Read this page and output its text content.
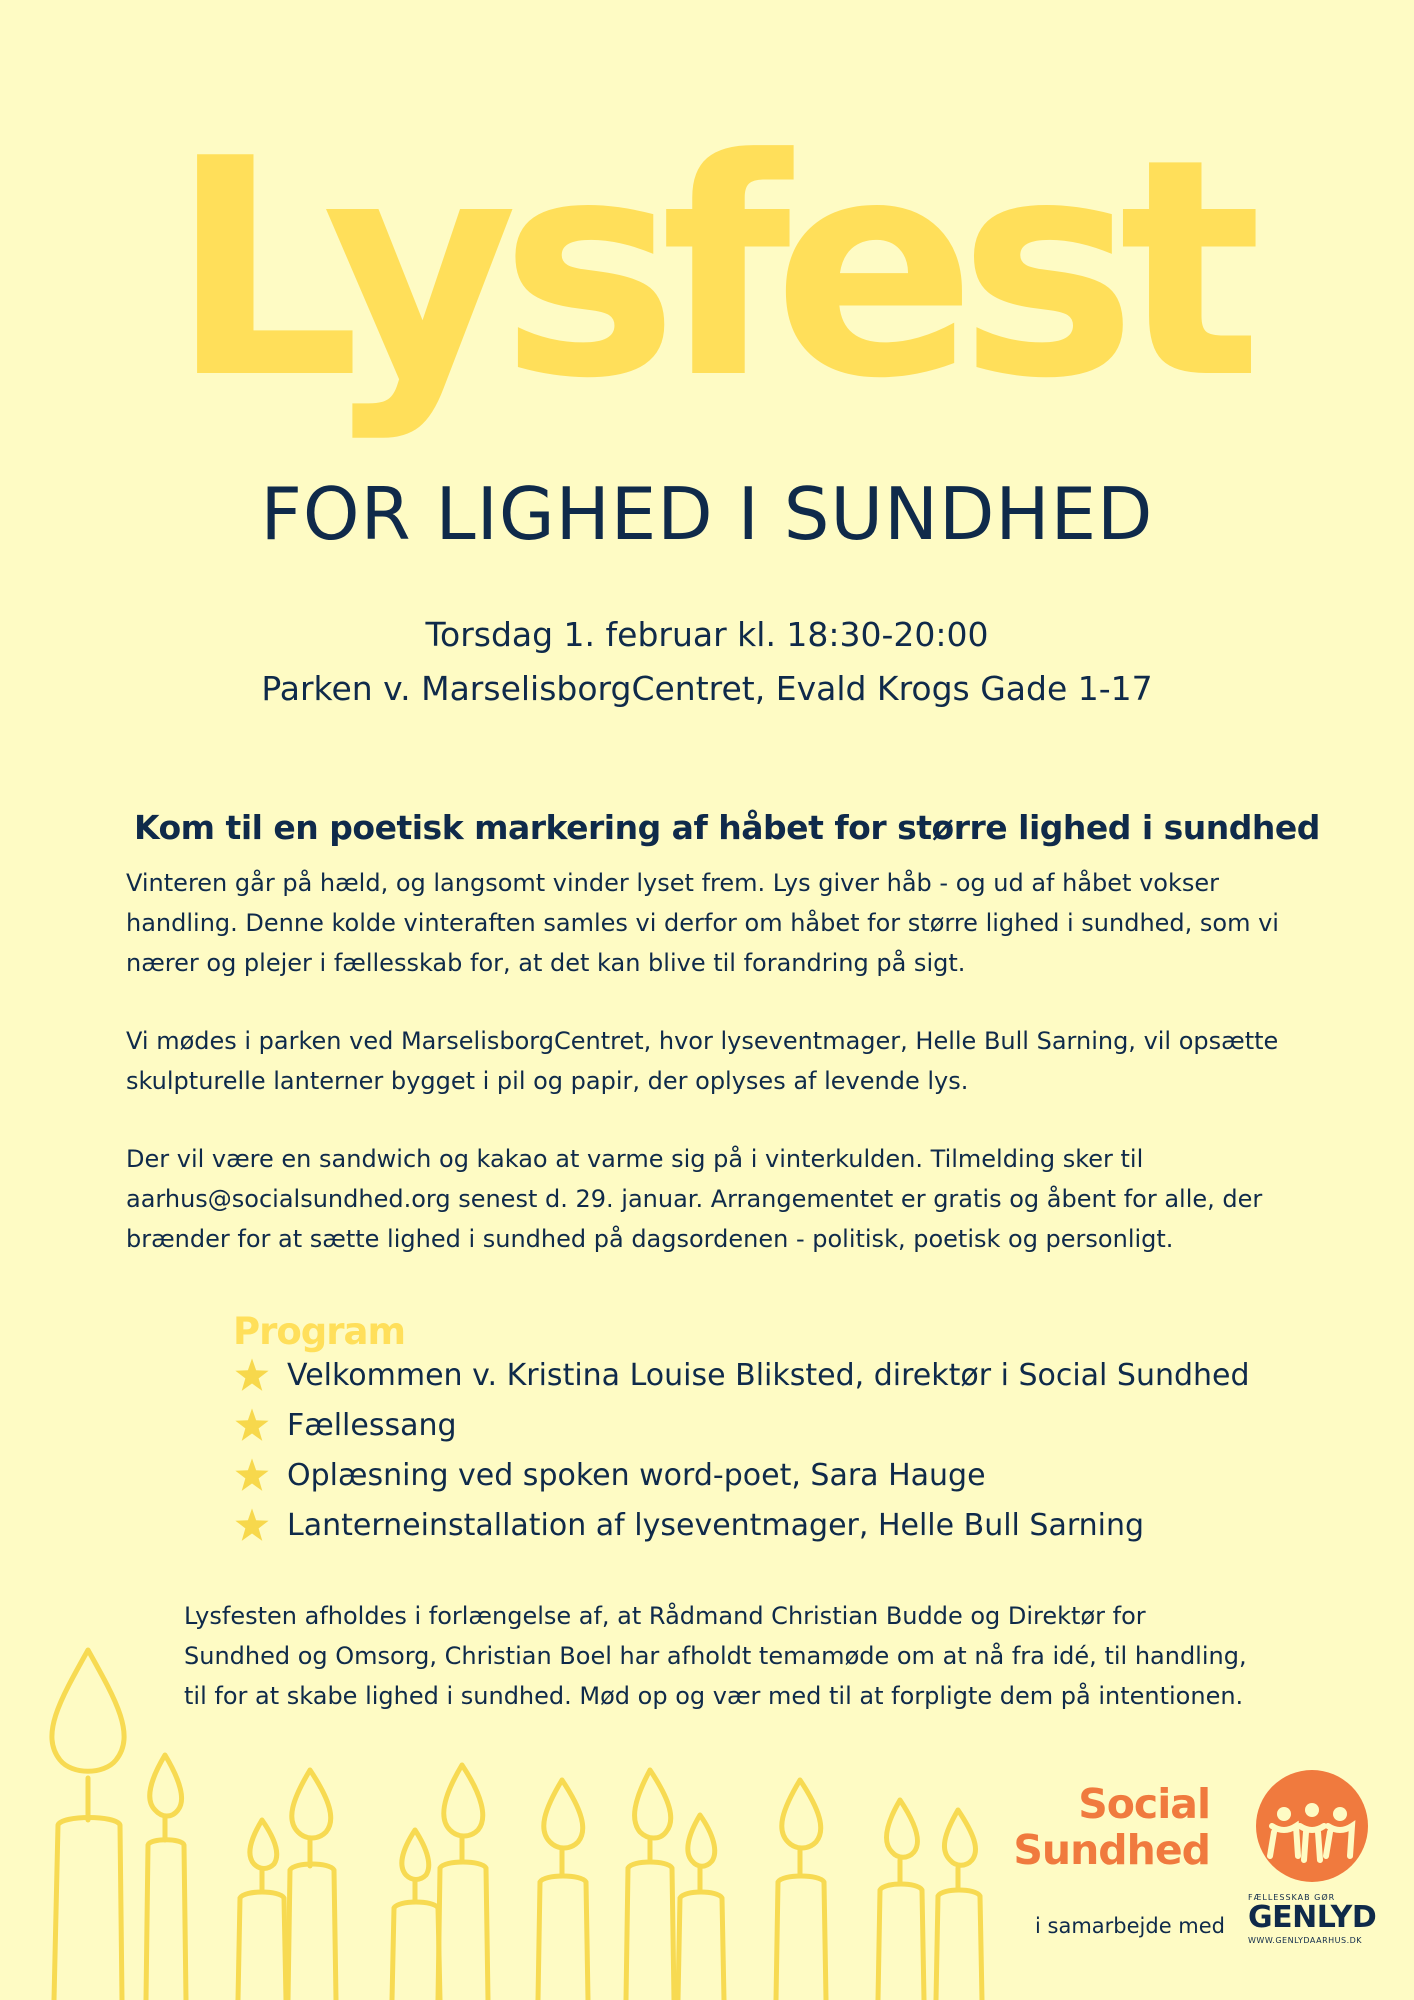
Lysfest
FOR LIGHED I SUNDHED
Torsdag 1. februar kl. 18:30-20:00
Parken v. MarselisborgCentret, Evald Krogs Gade 1-17
Kom til en poetisk markering af håbet for større lighed i sundhed
Vinteren går på hæld, og langsomt vinder lyset frem. Lys giver håb - og ud af håbet vokser
handling. Denne kolde vinteraften samles vi derfor om håbet for større lighed i sundhed, som vi
nærer og plejer i fællesskab for, at det kan blive til forandring på sigt.
Vi mødes i parken ved MarselisborgCentret, hvor lyseventmager, Helle Bull Sarning, vil opsætte
skulpturelle lanterner bygget i pil og papir, der oplyses af levende lys.
Der vil være en sandwich og kakao at varme sig på i vinterkulden. Tilmelding sker til
aarhus@socialsundhed.org senest d. 29. januar. Arrangementet er gratis og åbent for alle, der
brænder for at sætte lighed i sundhed på dagsordenen - politisk, poetisk og personligt.
Program
Velkommen v. Kristina Louise Bliksted, direktør i Social Sundhed
Fællessang
Oplæsning ved spoken word-poet, Sara Hauge
Lanterneinstallation af lyseventmager, Helle Bull Sarning
Lysfesten afholdes i forlængelse af, at Rådmand Christian Budde og Direktør for
Sundhed og Omsorg, Christian Boel har afholdt temamøde om at nå fra idé, til handling,
til for at skabe lighed i sundhed. Mød op og vær med til at forpligte dem på intentionen.
Social
Sundhed
i samarbejde med
FÆLLESSKAB GØR
GENLYD
WWW.GENLYDAARHUS.DK
